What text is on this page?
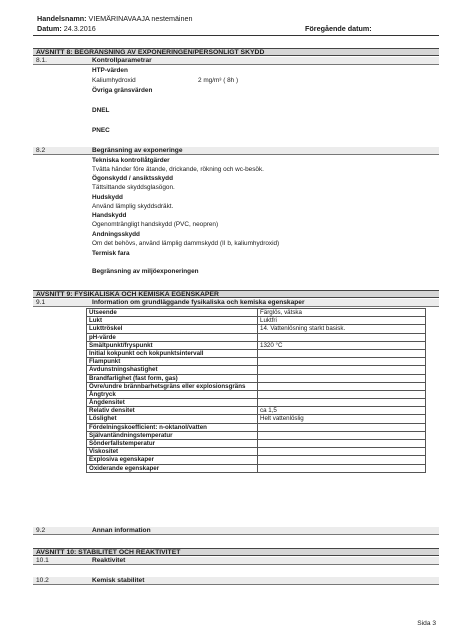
Handelsnamn: VIEMÄRINAVAAJA nestemäinen
Datum: 24.3.2016	Föregående datum:
AVSNITT 8: BEGRÄNSNING AV EXPONERINGEN/PERSONLIGT SKYDD
8.1.	Kontrollparametrar
HTP-värden
Kaliumhydroxid	2 mg/m³ ( 8h )
Övriga gränsvärden
DNEL
PNEC
8.2	Begränsning av exponeringe
Tekniska kontrollåtgärder
Tvätta händer före ätande, drickande, rökning och wc-besök.
Ögonskydd / ansiktsskydd
Tättsittande skyddsglasögon.
Hudskydd
Använd lämplig skyddsdräkt.
Handskydd
Ogenomträngligt handskydd (PVC, neopren)
Andningsskydd
Om det behövs, använd lämplig dammskydd (II b, kaliumhydroxid)
Termisk fara
Begränsning av miljöexponeringen
AVSNITT 9: FYSIKALISKA OCH KEMISKA EGENSKAPER
9.1	Information om grundläggande fysikaliska och kemiska egenskaper
Utseende	Färglös, vätska
Lukt	Luktfri
Lukttröskel	14. Vattenlösning starkt basisk.
pH-värde	
Smältpunkt/fryspunkt	1320 °C
Initial kokpunkt och kokpunktsintervall	
Flampunkt	
Avdunstningshastighet	
Brandfarlighet (fast form, gas)	
Övre/undre brännbarhetsgräns eller explosionsgräns	
Ångtryck	
Ångdensitet	
Relativ densitet	ca 1,5
Löslighet	Helt vattenlöslig
Fördelningskoefficient: n-oktanol/vatten	
Självantändningstemperatur	
Sönderfallstemperatur	
Viskositet	
Explosiva egenskaper	
Oxiderande egenskaper	
9.2	Annan information
AVSNITT 10: STABILITET OCH REAKTIVITET
10.1	Reaktivitet
10.2	Kemisk stabilitet
Sida 3
